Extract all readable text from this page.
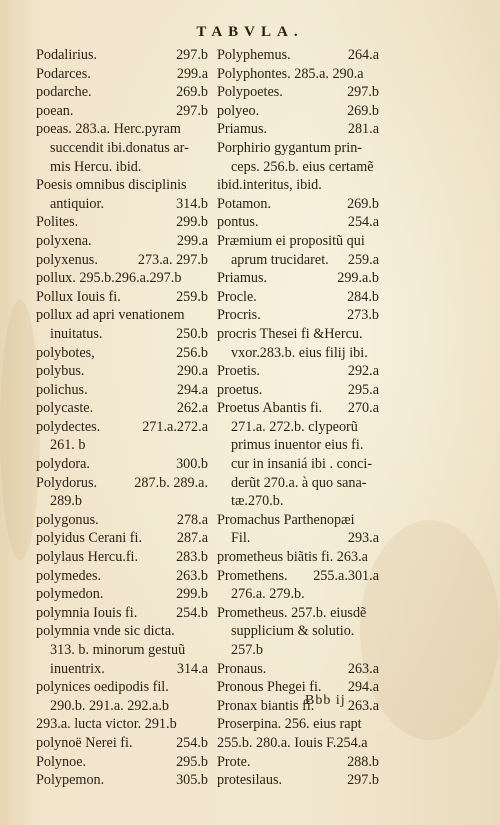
TABVLA.
297.b
Podalirius.
299.a
Podarces.
269.b
podarche.
297.b
poean.
poeas. 283.a. Herc.pyram
succendit ibi.donatus ar-
mis Hercu. ibid.
Poesis omnibus disciplinis
314.b
antiquior.
299.b
Polites.
299.a
polyxena.
273.a. 297.b
polyxenus.
pollux. 295.b.296.a.297.b
259.b
Pollux Iouis fi.
pollux ad apri venationem
250.b
inuitatus.
256.b
polybotes,
290.a
polybus.
294.a
polichus.
262.a
polycaste.
271.a.272.a
polydectes.
261. b
300.b
polydora.
287.b. 289.a.
Polydorus.
289.b
278.a
polygonus.
287.a
polyidus Cerani fi.
283.b
polylaus Hercu.fi.
263.b
polymedes.
299.b
polymedon.
254.b
polymnia Iouis fi.
polymnia vnde sic dicta.
313. b. minorum gestuũ
314.a
inuentrix.
polynices oedipodis fil.
290.b. 291.a. 292.a.b
293.a. lucta victor. 291.b
254.b
polynoë Nerei fi.
295.b
Polynoe.
305.b
Polypemon.
264.a
Polyphemus.
Polyphontes. 285.a. 290.a
297.b
Polypoetes.
269.b
polyeo.
281.a
Priamus.
Porphirio gygantum prin-
ceps. 256.b. eius certamẽ
ibid.interitus, ibid.
269.b
Potamon.
254.a
pontus.
Præmium ei propositũ qui
259.a
aprum trucidaret.
299.a.b
Priamus.
284.b
Procle.
273.b
Procris.
procris Thesei fi &Hercu.
vxor.283.b. eius filij ibi.
292.a
Proetis.
295.a
proetus.
270.a
Proetus Abantis fi.
271.a. 272.b. clypeorũ
primus inuentor eius fi.
cur in insaniá ibi . conci-
derũt 270.a. à quo sana-
tæ.270.b.
Promachus Parthenopæi
293.a
Fil.
prometheus biãtis fi. 263.a
255.a.301.a
Promethens.
276.a. 279.b.
Prometheus. 257.b. eiusdẽ
supplicium & solutio.
257.b
263.a
Pronaus.
294.a
Pronous Phegei fi.
263.a
Pronax biantis fi.
Proserpina. 256. eius rapt
255.b. 280.a. Iouis F.254.a
288.b
Prote.
297.b
protesilaus.
Bbb ij
